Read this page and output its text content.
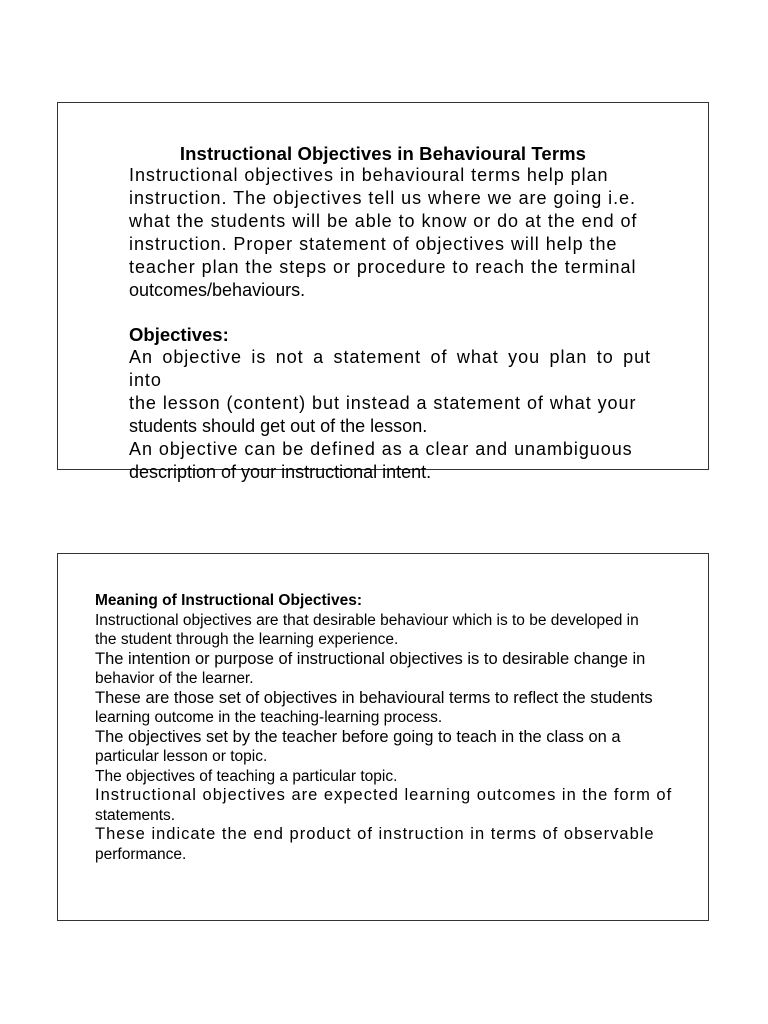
Instructional Objectives in Behavioural Terms

Instructional objectives in behavioural terms help plan

instruction. The objectives tell us where we are going i.e.

what the students will be able to know or do at the end of

instruction. Proper statement of objectives will help the

teacher plan the steps or procedure to reach the terminal

outcomes/behaviours.

Objectives:

An objective is not a statement of what you plan to put into

the lesson (content) but instead a statement of what your

students should get out of the lesson.

An objective can be defined as a clear and unambiguous

description of your instructional intent.

Meaning of Instructional Objectives:

Instructional objectives are that desirable behaviour which is to be developed in

the student through the learning experience.

The intention or purpose of instructional objectives is to desirable change in

behavior of the learner.

These are those set of objectives in behavioural terms to reflect the students

learning outcome in the teaching-learning process.

The objectives set by the teacher before going to teach in the class on a

particular lesson or topic.

The objectives of teaching a particular topic.

Instructional objectives are expected learning outcomes in the form of

statements.

These indicate the end product of instruction in terms of observable

performance.
